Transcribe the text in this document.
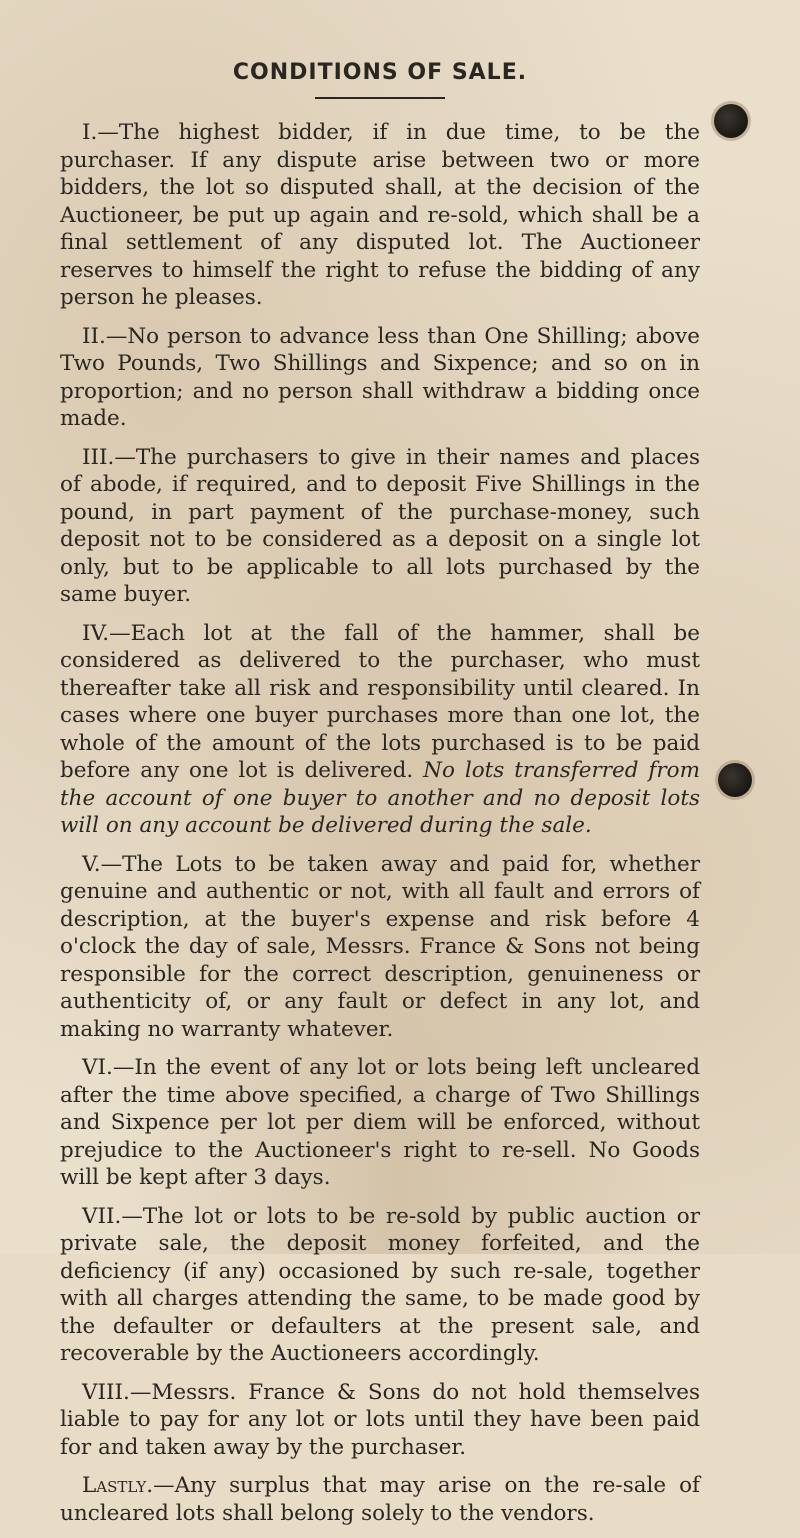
CONDITIONS OF SALE.

I.—The highest bidder, if in due time, to be the purchaser. If any dispute arise between two or more bidders, the lot so disputed shall, at the decision of the Auctioneer, be put up again and re-sold, which shall be a final settlement of any disputed lot. The Auctioneer reserves to himself the right to refuse the bidding of any person he pleases.

II.—No person to advance less than One Shilling; above Two Pounds, Two Shillings and Sixpence; and so on in proportion; and no person shall withdraw a bidding once made.

III.—The purchasers to give in their names and places of abode, if required, and to deposit Five Shillings in the pound, in part payment of the purchase-money, such deposit not to be considered as a deposit on a single lot only, but to be applicable to all lots purchased by the same buyer.

IV.—Each lot at the fall of the hammer, shall be considered as delivered to the purchaser, who must thereafter take all risk and responsibility until cleared. In cases where one buyer purchases more than one lot, the whole of the amount of the lots purchased is to be paid before any one lot is delivered. No lots transferred from the account of one buyer to another and no deposit lots will on any account be delivered during the sale.

V.—The Lots to be taken away and paid for, whether genuine and authentic or not, with all fault and errors of description, at the buyer's expense and risk before 4 o'clock the day of sale, Messrs. France & Sons not being responsible for the correct description, genuineness or authenticity of, or any fault or defect in any lot, and making no warranty whatever.

VI.—In the event of any lot or lots being left uncleared after the time above specified, a charge of Two Shillings and Sixpence per lot per diem will be enforced, without prejudice to the Auctioneer's right to re-sell. No Goods will be kept after 3 days.

VII.—The lot or lots to be re-sold by public auction or private sale, the deposit money forfeited, and the deficiency (if any) occasioned by such re-sale, together with all charges attending the same, to be made good by the defaulter or defaulters at the present sale, and recoverable by the Auctioneers accordingly.

VIII.—Messrs. France & Sons do not hold themselves liable to pay for any lot or lots until they have been paid for and taken away by the purchaser.

Lastly.—Any surplus that may arise on the re-sale of uncleared lots shall belong solely to the vendors.
